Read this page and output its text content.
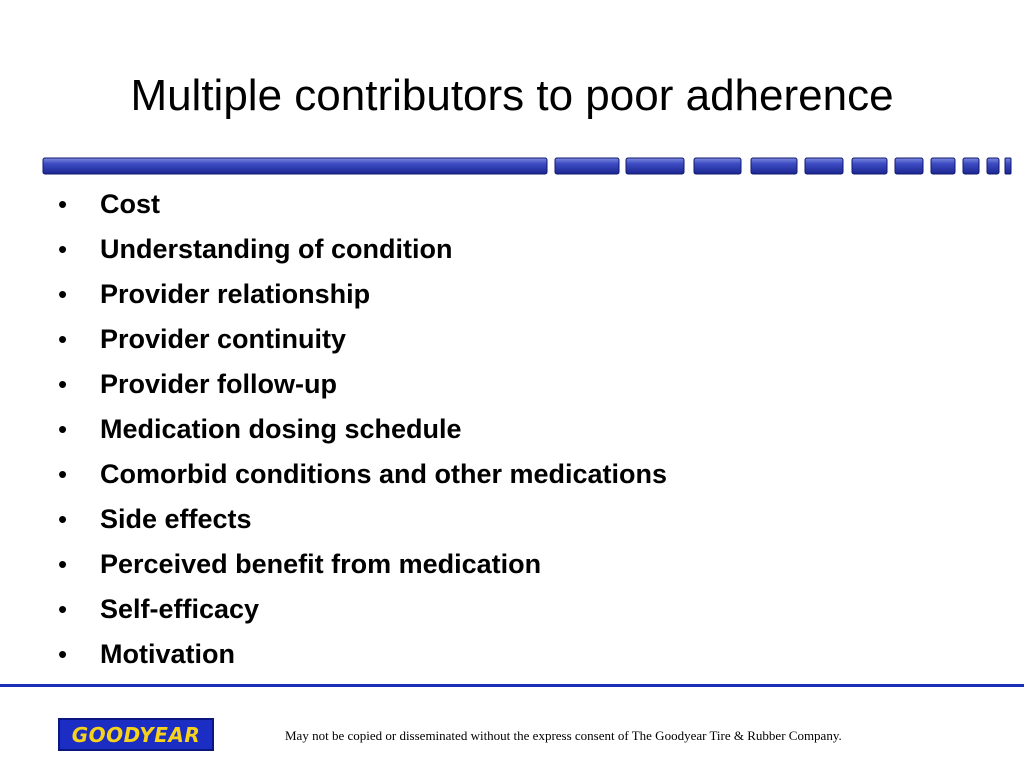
Multiple contributors to poor adherence
•	Cost
•	Understanding of condition
•	Provider relationship
•	Provider continuity
•	Provider follow-up
•	Medication dosing schedule
•	Comorbid conditions and other medications
•	Side effects
•	Perceived benefit from medication
•	Self-efficacy
•	Motivation
GOODYEAR	May not be copied or disseminated without the express consent of The Goodyear Tire & Rubber Company.
